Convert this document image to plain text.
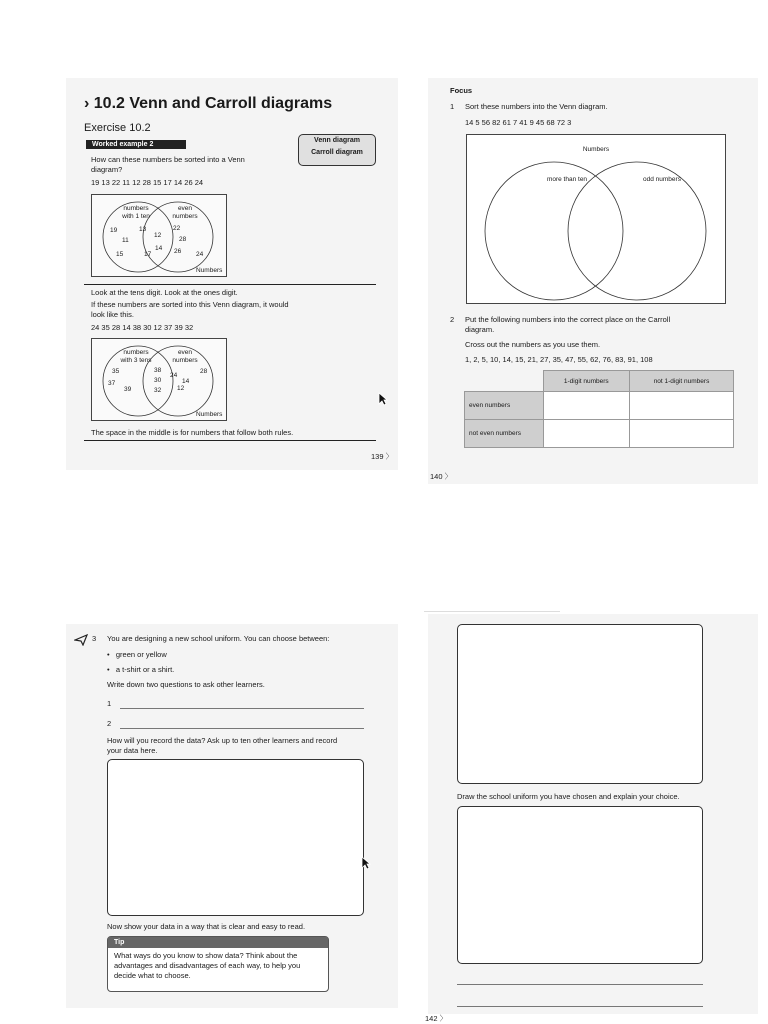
› 10.2 Venn and Carroll diagrams
Exercise 10.2
Worked example 2
Venn diagram
Carroll diagram
How can these numbers be sorted into a Venn diagram?
19 13 22 11 12 28 15 17 14 26 24
numbers with 1 ten
even numbers
19	13
11
15	17
12
14
22
28
26 24
Numbers
Look at the tens digit. Look at the ones digit.
If these numbers are sorted into this Venn diagram, it would look like this.
24 35 28 14 38 30 12 37 39 32
numbers with 3 tens
even numbers
35
37
39
38
30
32
24
28
14
12
Numbers
The space in the middle is for numbers that follow both rules.
139 〉
Focus
1 Sort these numbers into the Venn diagram.
14 5 56 82 61 7 41 9 45 68 72 3
Numbers
more than ten	odd numbers
2 Put the following numbers into the correct place on the Carroll diagram.
Cross out the numbers as you use them.
1, 2, 5, 10, 14, 15, 21, 27, 35, 47, 55, 62, 76, 83, 91, 108
	1-digit numbers	not 1-digit numbers
even numbers		
not even numbers		
140 〉
3 You are designing a new school uniform. You can choose between:
•   green or yellow
•   a t-shirt or a shirt.
Write down two questions to ask other learners.
1
2
How will you record the data? Ask up to ten other learners and record your data here.
Now show your data in a way that is clear and easy to read.
Tip
What ways do you know to show data? Think about the advantages and disadvantages of each way, to help you decide what to choose.
Draw the school uniform you have chosen and explain your choice.
142 〉
